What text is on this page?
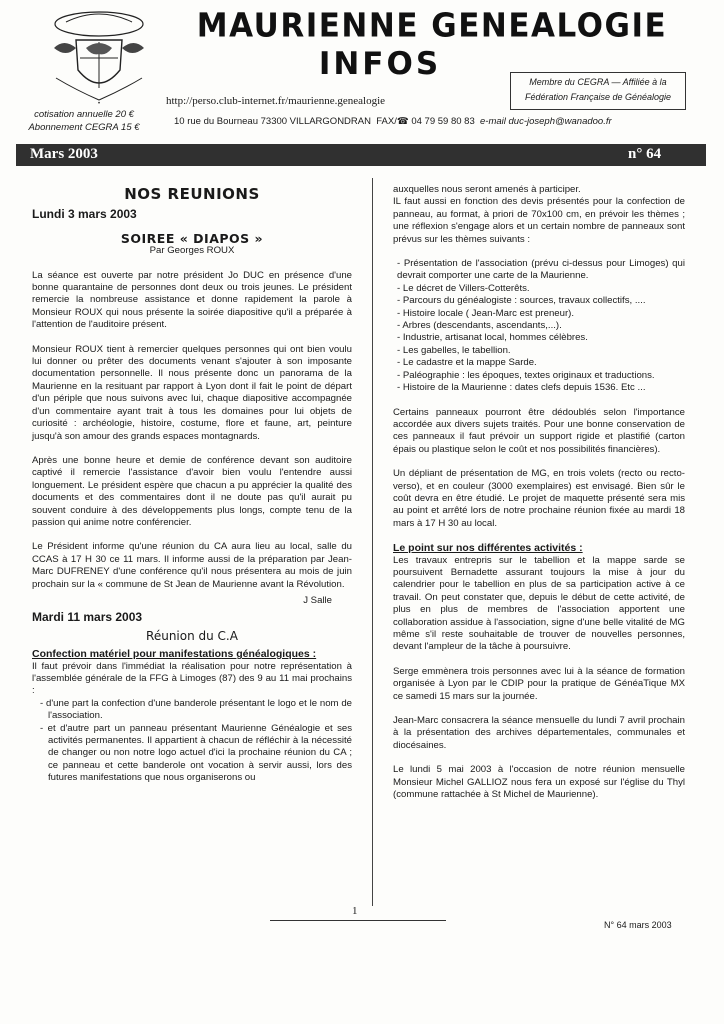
•
MAURIENNE GENEALOGIE
INFOS	Membre du CEGRA — Affiliée à la
Fédération Française de Généalogie
http://perso.club-internet.fr/maurienne.genealogie
cotisation annuelle 20 €
Abonnement CEGRA 15 €
10 rue du Bourneau 73300 VILLARGONDRAN FAX/☎ 04 79 59 80 83 e-mail duc-joseph@wanadoo.fr
Mars 2003	n° 64

NOS REUNIONS

Lundi 3 mars 2003

SOIREE « DIAPOS »

Par Georges ROUX

La séance est ouverte par notre président Jo DUC en présence d'une bonne quarantaine de personnes dont deux ou trois jeunes. Le président remercie la nombreuse assistance et donne rapidement la parole à Monsieur ROUX qui nous présente la soirée diapositive qu'il a préparée à l'attention de l'auditoire présent.

Monsieur ROUX tient à remercier quelques personnes qui ont bien voulu lui donner ou prêter des documents venant s'ajouter à son imposante documentation personnelle. Il nous présente donc un panorama de la Maurienne en la resituant par rapport à Lyon dont il fait le point de départ d'un périple que nous suivons avec lui, chaque diapositive accompagnée d'un commentaire ayant trait à tous les domaines pour lui objets de curiosité : archéologie, histoire, costume, flore et faune, art, peinture jusqu'à son amour des grands espaces montagnards.

Après une bonne heure et demie de conférence devant son auditoire captivé il remercie l'assistance d'avoir bien voulu l'entendre aussi longuement. Le président espère que chacun a pu apprécier la qualité des documents et des commentaires dont il ne doute pas qu'il aurait pu souvent conduire à des développements plus longs, compte tenu de la passion qui anime notre conférencier.

Le Président informe qu'une réunion du CA aura lieu au local, salle du CCAS à 17 H 30 ce 11 mars. Il informe aussi de la préparation par Jean-Marc DUFRENEY d'une conférence qu'il nous présentera au mois de juin prochain sur la « commune de St Jean de Maurienne avant la Révolution.

J Salle

Mardi 11 mars 2003

Réunion du C.A

Confection matériel pour manifestations généalogiques :

Il faut prévoir dans l'immédiat la réalisation pour notre représentation à l'assemblée générale de la FFG à Limoges (87) des 9 au 11 mai prochains :

- d'une part la confection d'une banderole présentant le logo et le nom de l'association.

- et d'autre part un panneau présentant Maurienne Généalogie et ses activités permanentes. Il appartient à chacun de réfléchir à la nécessité de changer ou non notre logo actuel d'ici la prochaine réunion du CA ; ce panneau et cette banderole ont vocation à servir aussi, lors des futures manifestations que nous organiserons ou

auxquelles nous seront amenés à participer.

IL faut aussi en fonction des devis présentés pour la confection de panneau, au format, à priori de 70x100 cm, en prévoir les thèmes ; une réflexion s'engage alors et un certain nombre de panneaux sont prévus sur les thèmes suivants :

- Présentation de l'association (prévu ci-dessus pour Limoges) qui devrait comporter une carte de la Maurienne.
- Le décret de Villers-Cotterêts.
- Parcours du généalogiste : sources, travaux collectifs, ....
- Histoire locale ( Jean-Marc est preneur).
- Arbres (descendants, ascendants,...).
- Industrie, artisanat local, hommes célèbres.
- Les gabelles, le tabellion.
- Le cadastre et la mappe Sarde.
- Paléographie : les époques, textes originaux et traductions.
- Histoire de la Maurienne : dates clefs depuis 1536. Etc ...

Certains panneaux pourront être dédoublés selon l'importance accordée aux divers sujets traités. Pour une bonne conservation de ces panneaux il faut prévoir un support rigide et plastifié (carton épais ou plastique selon le coût et nos possibilités financières).

Un dépliant de présentation de MG, en trois volets (recto ou recto-verso), et en couleur (3000 exemplaires) est envisagé. Bien sûr le coût devra en être étudié. Le projet de maquette présenté sera mis au point et arrêté lors de notre prochaine réunion fixée au mardi 18 mars à 17 H 30 au local.

Le point sur nos différentes activités :

Les travaux entrepris sur le tabellion et la mappe sarde se poursuivent Bernadette assurant toujours la mise à jour du calendrier pour le tabellion en plus de sa participation active à ce travail. On peut constater que, depuis le début de cette activité, de plus en plus de membres de l'association apportent une collaboration assidue à l'association, signe d'une belle vitalité de MG même s'il reste souhaitable de trouver de nouvelles personnes, devant l'ampleur de la tâche à poursuivre.

Serge emmènera trois personnes avec lui à la séance de formation organisée à Lyon par le CDIP pour la pratique de GénéaTique MX ce samedi 15 mars sur la journée.

Jean-Marc consacrera la séance mensuelle du lundi 7 avril prochain à la présentation des archives départementales, communales et diocésaines.

Le lundi 5 mai 2003 à l'occasion de notre réunion mensuelle Monsieur Michel GALLIOZ nous fera un exposé sur l'église du Thyl (commune rattachée à St Michel de Maurienne).

1
N° 64 mars 2003
